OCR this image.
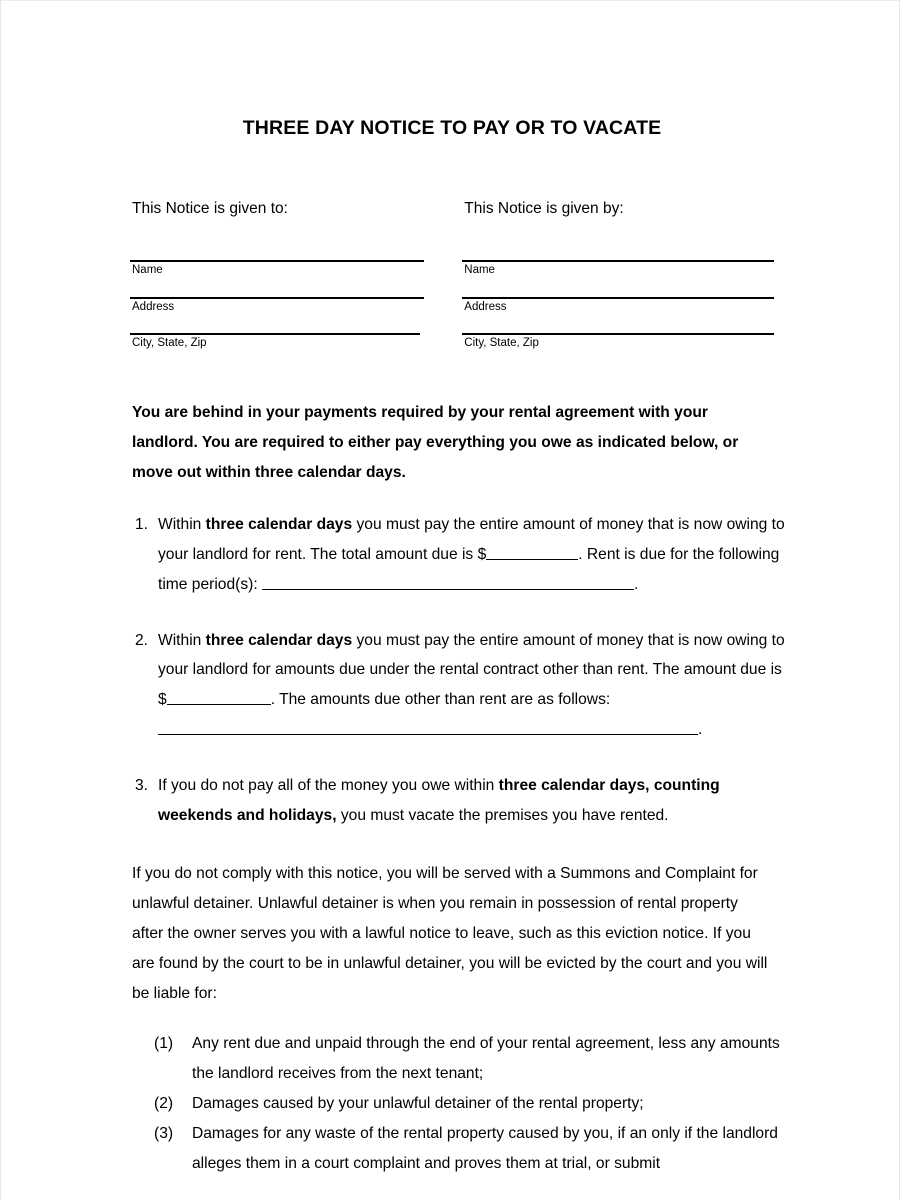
THREE DAY NOTICE TO PAY OR TO VACATE
This Notice is given to:
Name
Address
City, State, Zip
This Notice is given by:
Name
Address
City, State, Zip

You are behind in your payments required by your rental agreement with your landlord. You are required to either pay everything you owe as indicated below, or move out within three calendar days.

1. Within three calendar days you must pay the entire amount of money that is now owing to your landlord for rent. The total amount due is $	. Rent is due for the following time period(s):	.
2. Within three calendar days you must pay the entire amount of money that is now owing to your landlord for amounts due under the rental contract other than rent. The amount due is $	. The amounts due other than rent are as follows: .
3. If you do not pay all of the money you owe within three calendar days, counting weekends and holidays, you must vacate the premises you have rented.

If you do not comply with this notice, you will be served with a Summons and Complaint for unlawful detainer. Unlawful detainer is when you remain in possession of rental property after the owner serves you with a lawful notice to leave, such as this eviction notice. If you are found by the court to be in unlawful detainer, you will be evicted by the court and you will be liable for:

(1) Any rent due and unpaid through the end of your rental agreement, less any amounts the landlord receives from the next tenant;
(2) Damages caused by your unlawful detainer of the rental property;
(3) Damages for any waste of the rental property caused by you, if an only if the landlord alleges them in a court complaint and proves them at trial, or submit
